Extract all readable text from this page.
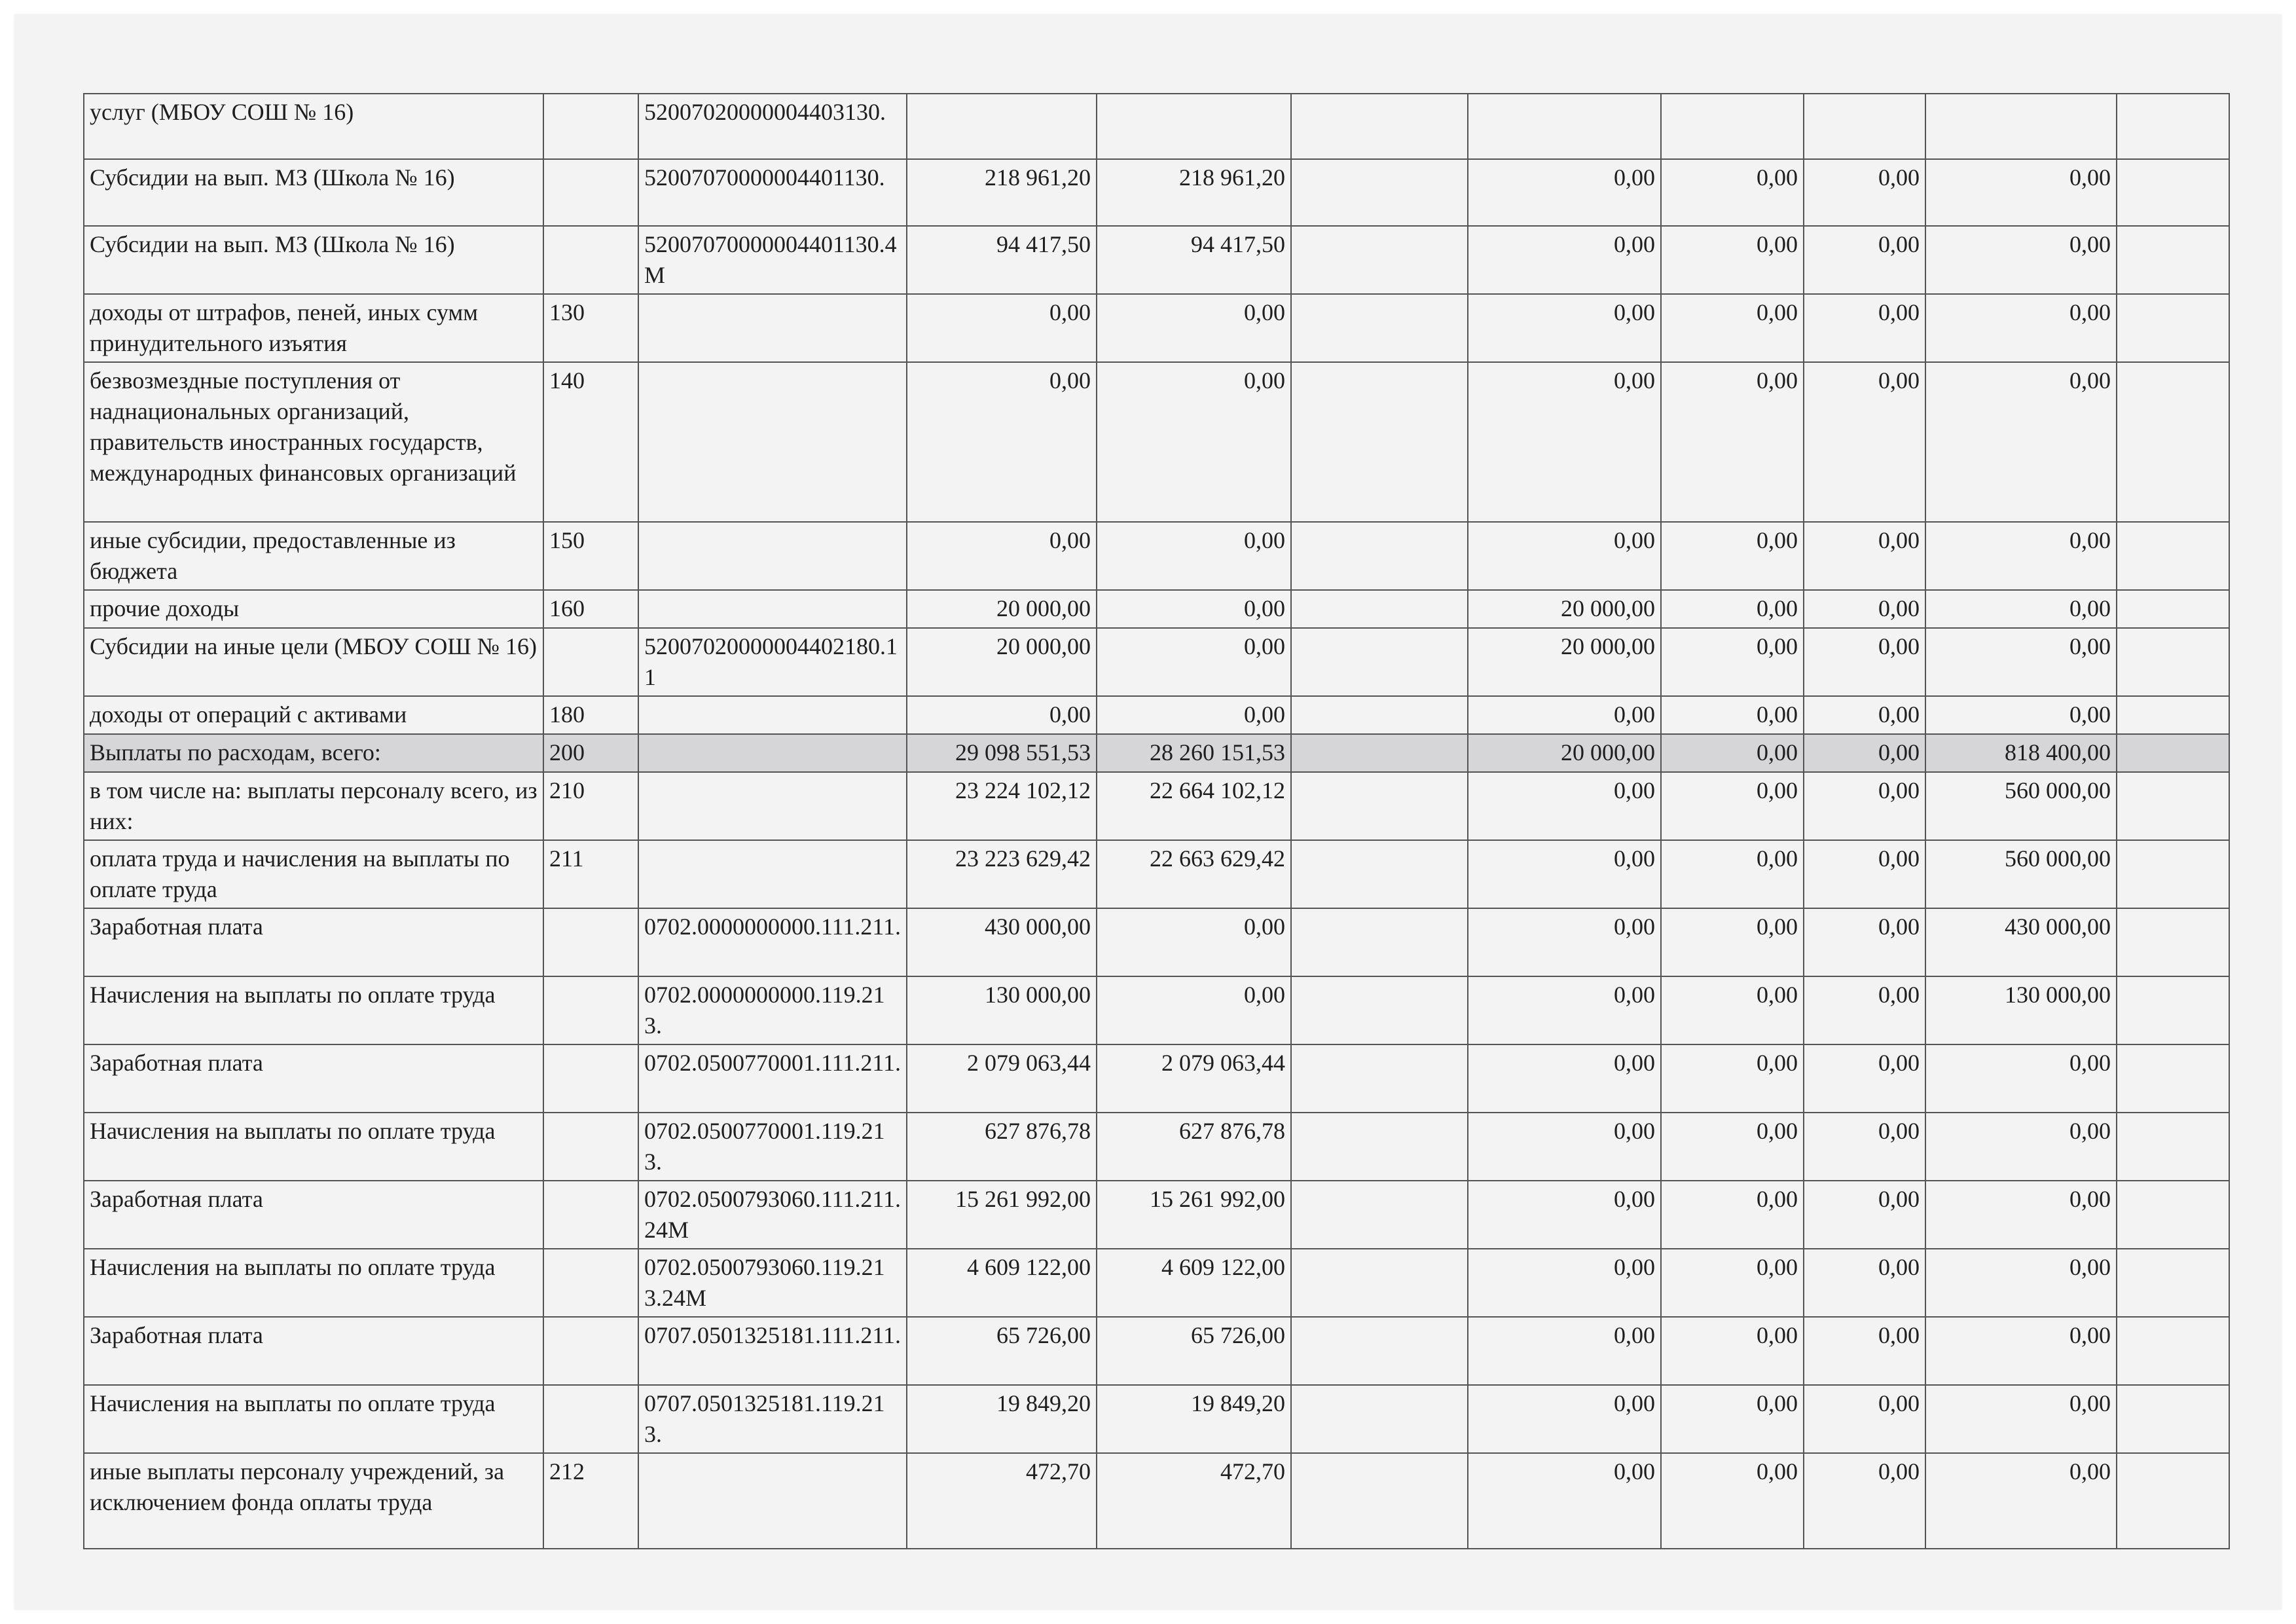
услуг (МБОУ СОШ № 16)		52007020000004403130.								
Субсидии на вып. МЗ (Школа № 16)		52007070000004401130.	218 961,20	218 961,20		0,00	0,00	0,00	0,00	
Субсидии на вып. МЗ (Школа № 16)		52007070000004401130.4М	94 417,50	94 417,50		0,00	0,00	0,00	0,00	
доходы от штрафов, пеней, иных сумм принудительного изъятия	130		0,00	0,00		0,00	0,00	0,00	0,00	
безвозмездные поступления от наднациональных организаций, правительств иностранных государств, международных финансовых организаций	140		0,00	0,00		0,00	0,00	0,00	0,00	
иные субсидии, предоставленные из бюджета	150		0,00	0,00		0,00	0,00	0,00	0,00	
прочие доходы	160		20 000,00	0,00		20 000,00	0,00	0,00	0,00	
Субсидии на иные цели (МБОУ СОШ № 16)		52007020000004402180.11	20 000,00	0,00		20 000,00	0,00	0,00	0,00	
доходы от операций с активами	180		0,00	0,00		0,00	0,00	0,00	0,00	
Выплаты по расходам, всего:	200		29 098 551,53	28 260 151,53		20 000,00	0,00	0,00	818 400,00	
в том числе на: выплаты персоналу всего, из них:	210		23 224 102,12	22 664 102,12		0,00	0,00	0,00	560 000,00	
оплата труда и начисления на выплаты по оплате труда	211		23 223 629,42	22 663 629,42		0,00	0,00	0,00	560 000,00	
Заработная плата		0702.0000000000.111.211.	430 000,00	0,00		0,00	0,00	0,00	430 000,00	
Начисления на выплаты по оплате труда		0702.0000000000.119.213.	130 000,00	0,00		0,00	0,00	0,00	130 000,00	
Заработная плата		0702.0500770001.111.211.	2 079 063,44	2 079 063,44		0,00	0,00	0,00	0,00	
Начисления на выплаты по оплате труда		0702.0500770001.119.213.	627 876,78	627 876,78		0,00	0,00	0,00	0,00	
Заработная плата		0702.0500793060.111.211.24М	15 261 992,00	15 261 992,00		0,00	0,00	0,00	0,00	
Начисления на выплаты по оплате труда		0702.0500793060.119.213.24М	4 609 122,00	4 609 122,00		0,00	0,00	0,00	0,00	
Заработная плата		0707.0501325181.111.211.	65 726,00	65 726,00		0,00	0,00	0,00	0,00	
Начисления на выплаты по оплате труда		0707.0501325181.119.213.	19 849,20	19 849,20		0,00	0,00	0,00	0,00	
иные выплаты персоналу учреждений, за исключением фонда оплаты труда	212		472,70	472,70		0,00	0,00	0,00	0,00	
